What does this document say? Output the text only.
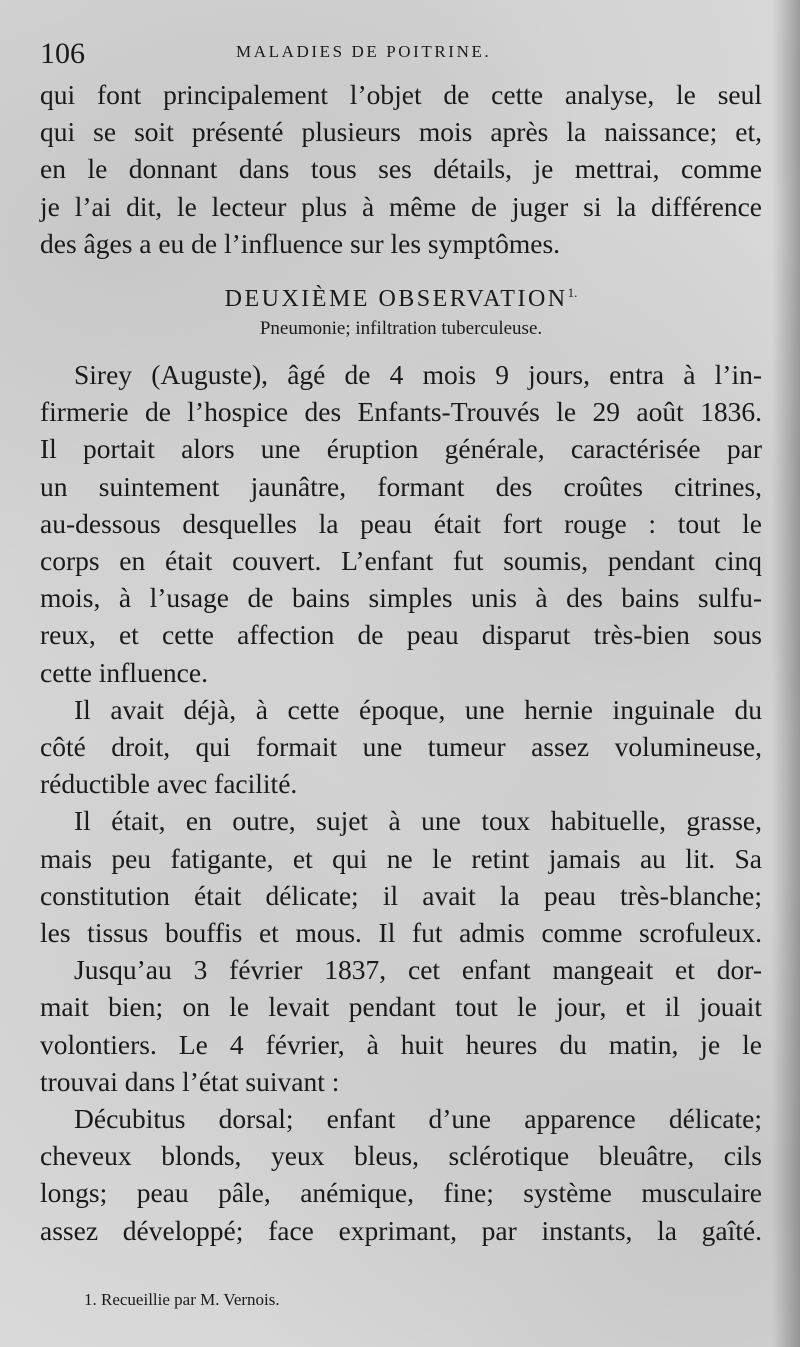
106	MALADIES DE POITRINE.

qui font principalement l’objet de cette analyse, le seul
qui se soit présenté plusieurs mois après la naissance; et,
en le donnant dans tous ses détails, je mettrai, comme
je l’ai dit, le lecteur plus à même de juger si la différence
des âges a eu de l’influence sur les symptômes.

DEUXIÈME $OBSERVATION^{1.}$
Pneumonie; infiltration tuberculeuse.

Sirey (Auguste), âgé de 4 mois 9 jours, entra à l’in-
firmerie de l’hospice des Enfants-Trouvés le 29 août 1836.
Il portait alors une éruption générale, caractérisée par
un suintement jaunâtre, formant des croûtes citrines,
au-dessous desquelles la peau était fort rouge : tout le
corps en était couvert. L’enfant fut soumis, pendant cinq
mois, à l’usage de bains simples unis à des bains sulfu-
reux, et cette affection de peau disparut très-bien sous
cette influence.

Il avait déjà, à cette époque, une hernie inguinale du
côté droit, qui formait une tumeur assez volumineuse,
réductible avec facilité.

Il était, en outre, sujet à une toux habituelle, grasse,
mais peu fatigante, et qui ne le retint jamais au lit. Sa
constitution était délicate; il avait la peau très-blanche;
les tissus bouffis et mous. Il fut admis comme scrofuleux.

Jusqu’au 3 février 1837, cet enfant mangeait et dor-
mait bien; on le levait pendant tout le jour, et il jouait
volontiers. Le 4 février, à huit heures du matin, je le
trouvai dans l’état suivant :

Décubitus dorsal; enfant d’une apparence délicate;
cheveux blonds, yeux bleus, sclérotique bleuâtre, cils
longs; peau pâle, anémique, fine; système musculaire
assez développé; face exprimant, par instants, la gaîté.

1. Recueillie par M. Vernois.
